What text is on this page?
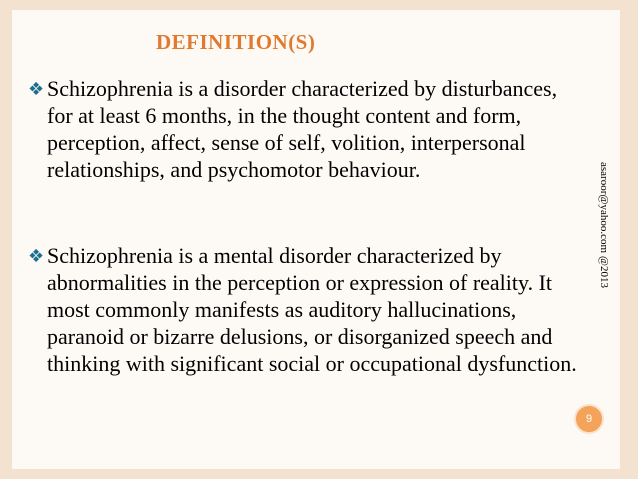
DEFINITION(S)
❖ Schizophrenia is a disorder characterized by disturbances, for at least 6 months, in the thought content and form, perception, affect, sense of self, volition, interpersonal relationships, and psychomotor behaviour.
❖ Schizophrenia is a mental disorder characterized by abnormalities in the perception or expression of reality. It most commonly manifests as auditory hallucinations, paranoid or bizarre delusions, or disorganized speech and thinking with significant social or occupational dysfunction.
asaroor@yahoo.com @2013
9
